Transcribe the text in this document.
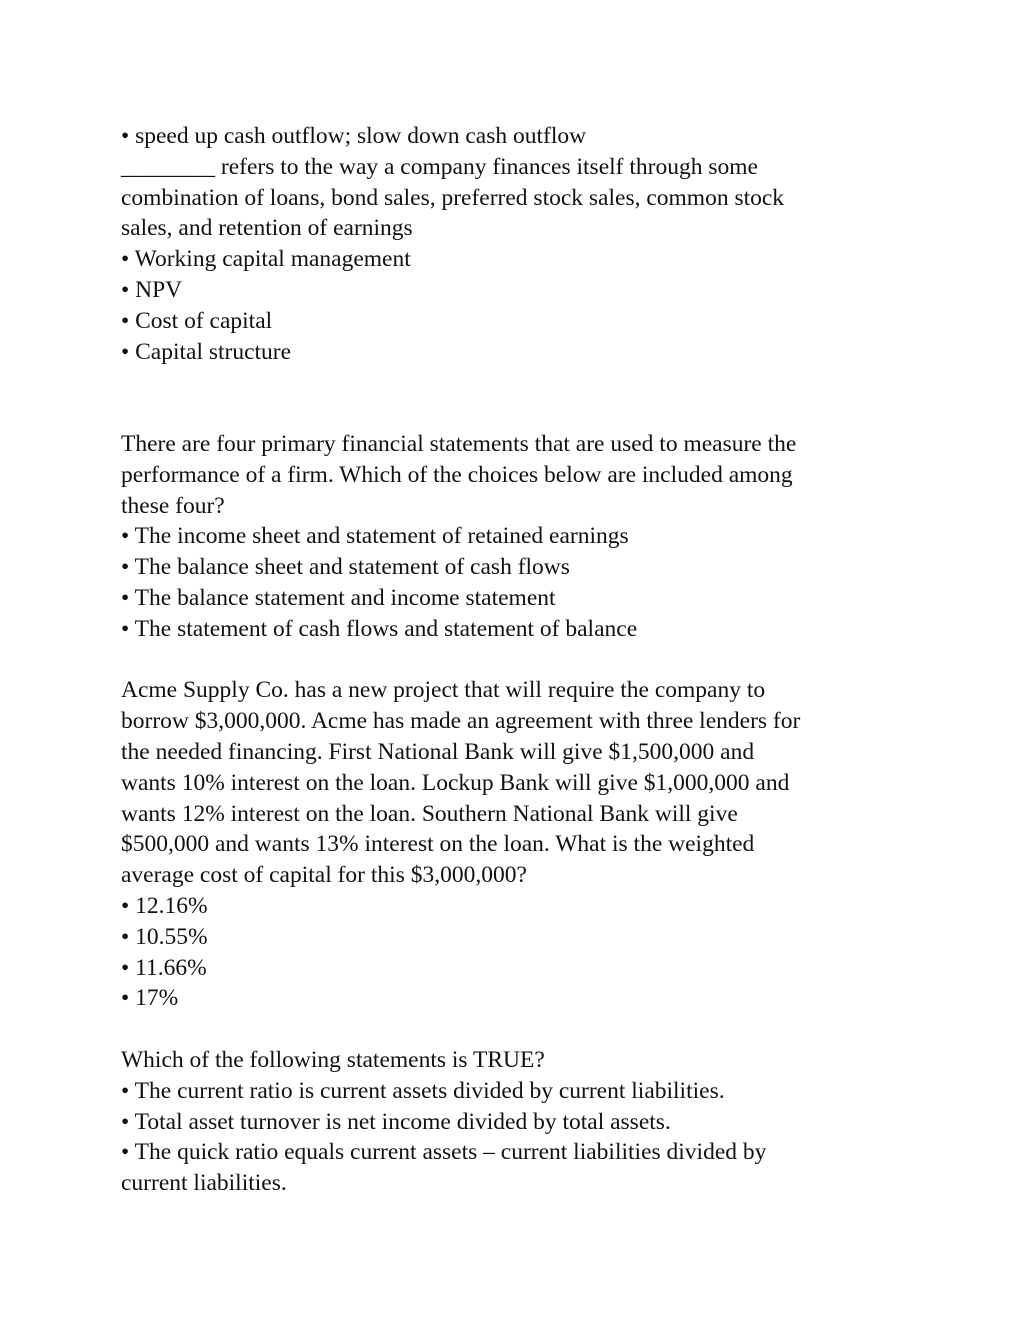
• speed up cash outflow; slow down cash outflow
________ refers to the way a company finances itself through some
combination of loans, bond sales, preferred stock sales, common stock
sales, and retention of earnings
• Working capital management
• NPV
• Cost of capital
• Capital structure
There are four primary financial statements that are used to measure the
performance of a firm. Which of the choices below are included among
these four?
• The income sheet and statement of retained earnings
• The balance sheet and statement of cash flows
• The balance statement and income statement
• The statement of cash flows and statement of balance
Acme Supply Co. has a new project that will require the company to
borrow $3,000,000. Acme has made an agreement with three lenders for
the needed financing. First National Bank will give $1,500,000 and
wants 10% interest on the loan. Lockup Bank will give $1,000,000 and
wants 12% interest on the loan. Southern National Bank will give
$500,000 and wants 13% interest on the loan. What is the weighted
average cost of capital for this $3,000,000?
• 12.16%
• 10.55%
• 11.66%
• 17%
Which of the following statements is TRUE?
• The current ratio is current assets divided by current liabilities.
• Total asset turnover is net income divided by total assets.
• The quick ratio equals current assets – current liabilities divided by
current liabilities.
